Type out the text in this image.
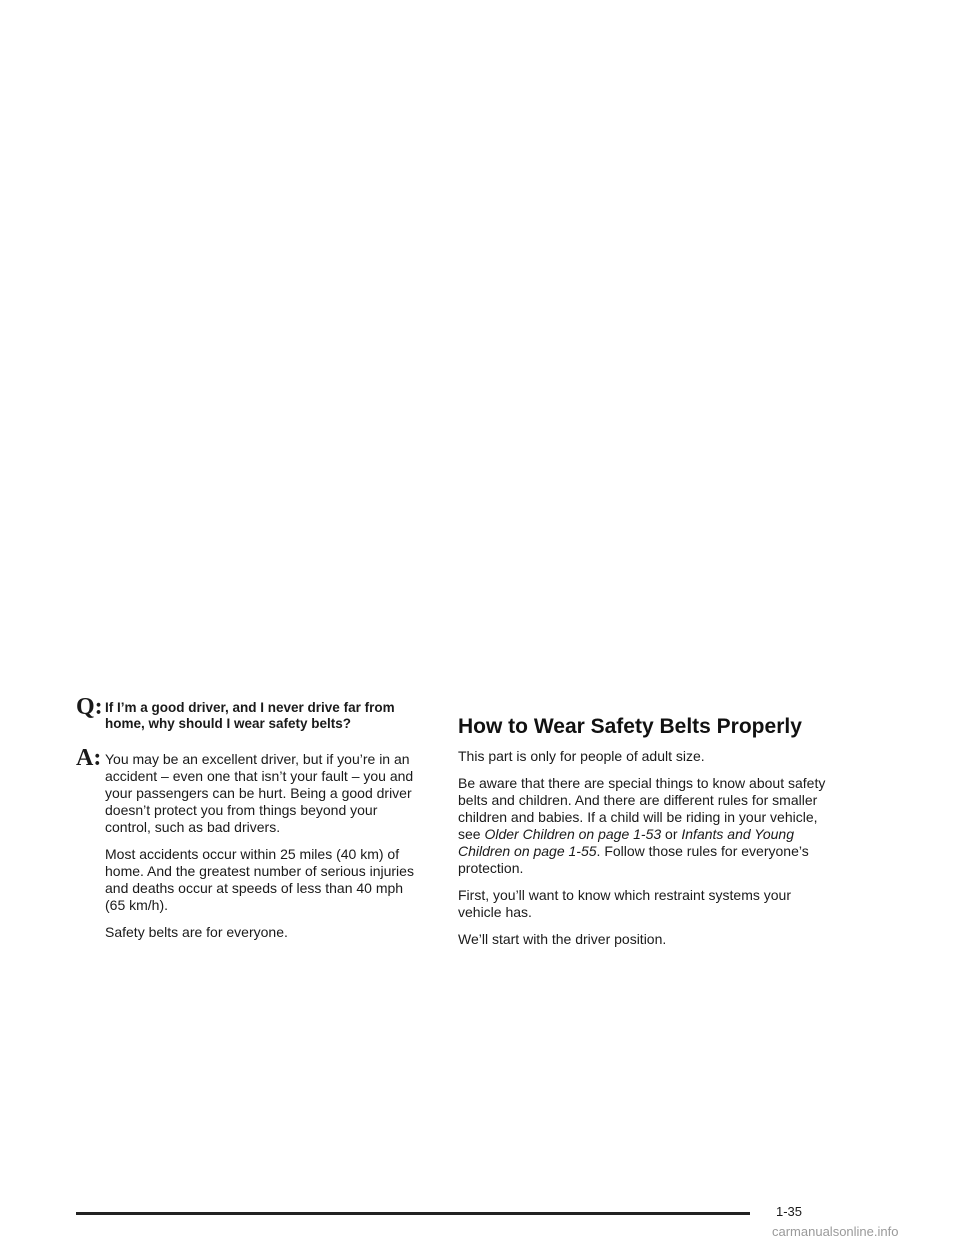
Q: If I’m a good driver, and I never drive far from home, why should I wear safety belts?
A: You may be an excellent driver, but if you’re in an accident – even one that isn’t your fault – you and your passengers can be hurt. Being a good driver doesn’t protect you from things beyond your control, such as bad drivers.

Most accidents occur within 25 miles (40 km) of home. And the greatest number of serious injuries and deaths occur at speeds of less than 40 mph (65 km/h).

Safety belts are for everyone.

How to Wear Safety Belts Properly

This part is only for people of adult size.

Be aware that there are special things to know about safety belts and children. And there are different rules for smaller children and babies. If a child will be riding in your vehicle, see Older Children on page 1-53 or Infants and Young Children on page 1-55. Follow those rules for everyone’s protection.

First, you’ll want to know which restraint systems your vehicle has.

We’ll start with the driver position.

1-35
carmanualsonline.info
